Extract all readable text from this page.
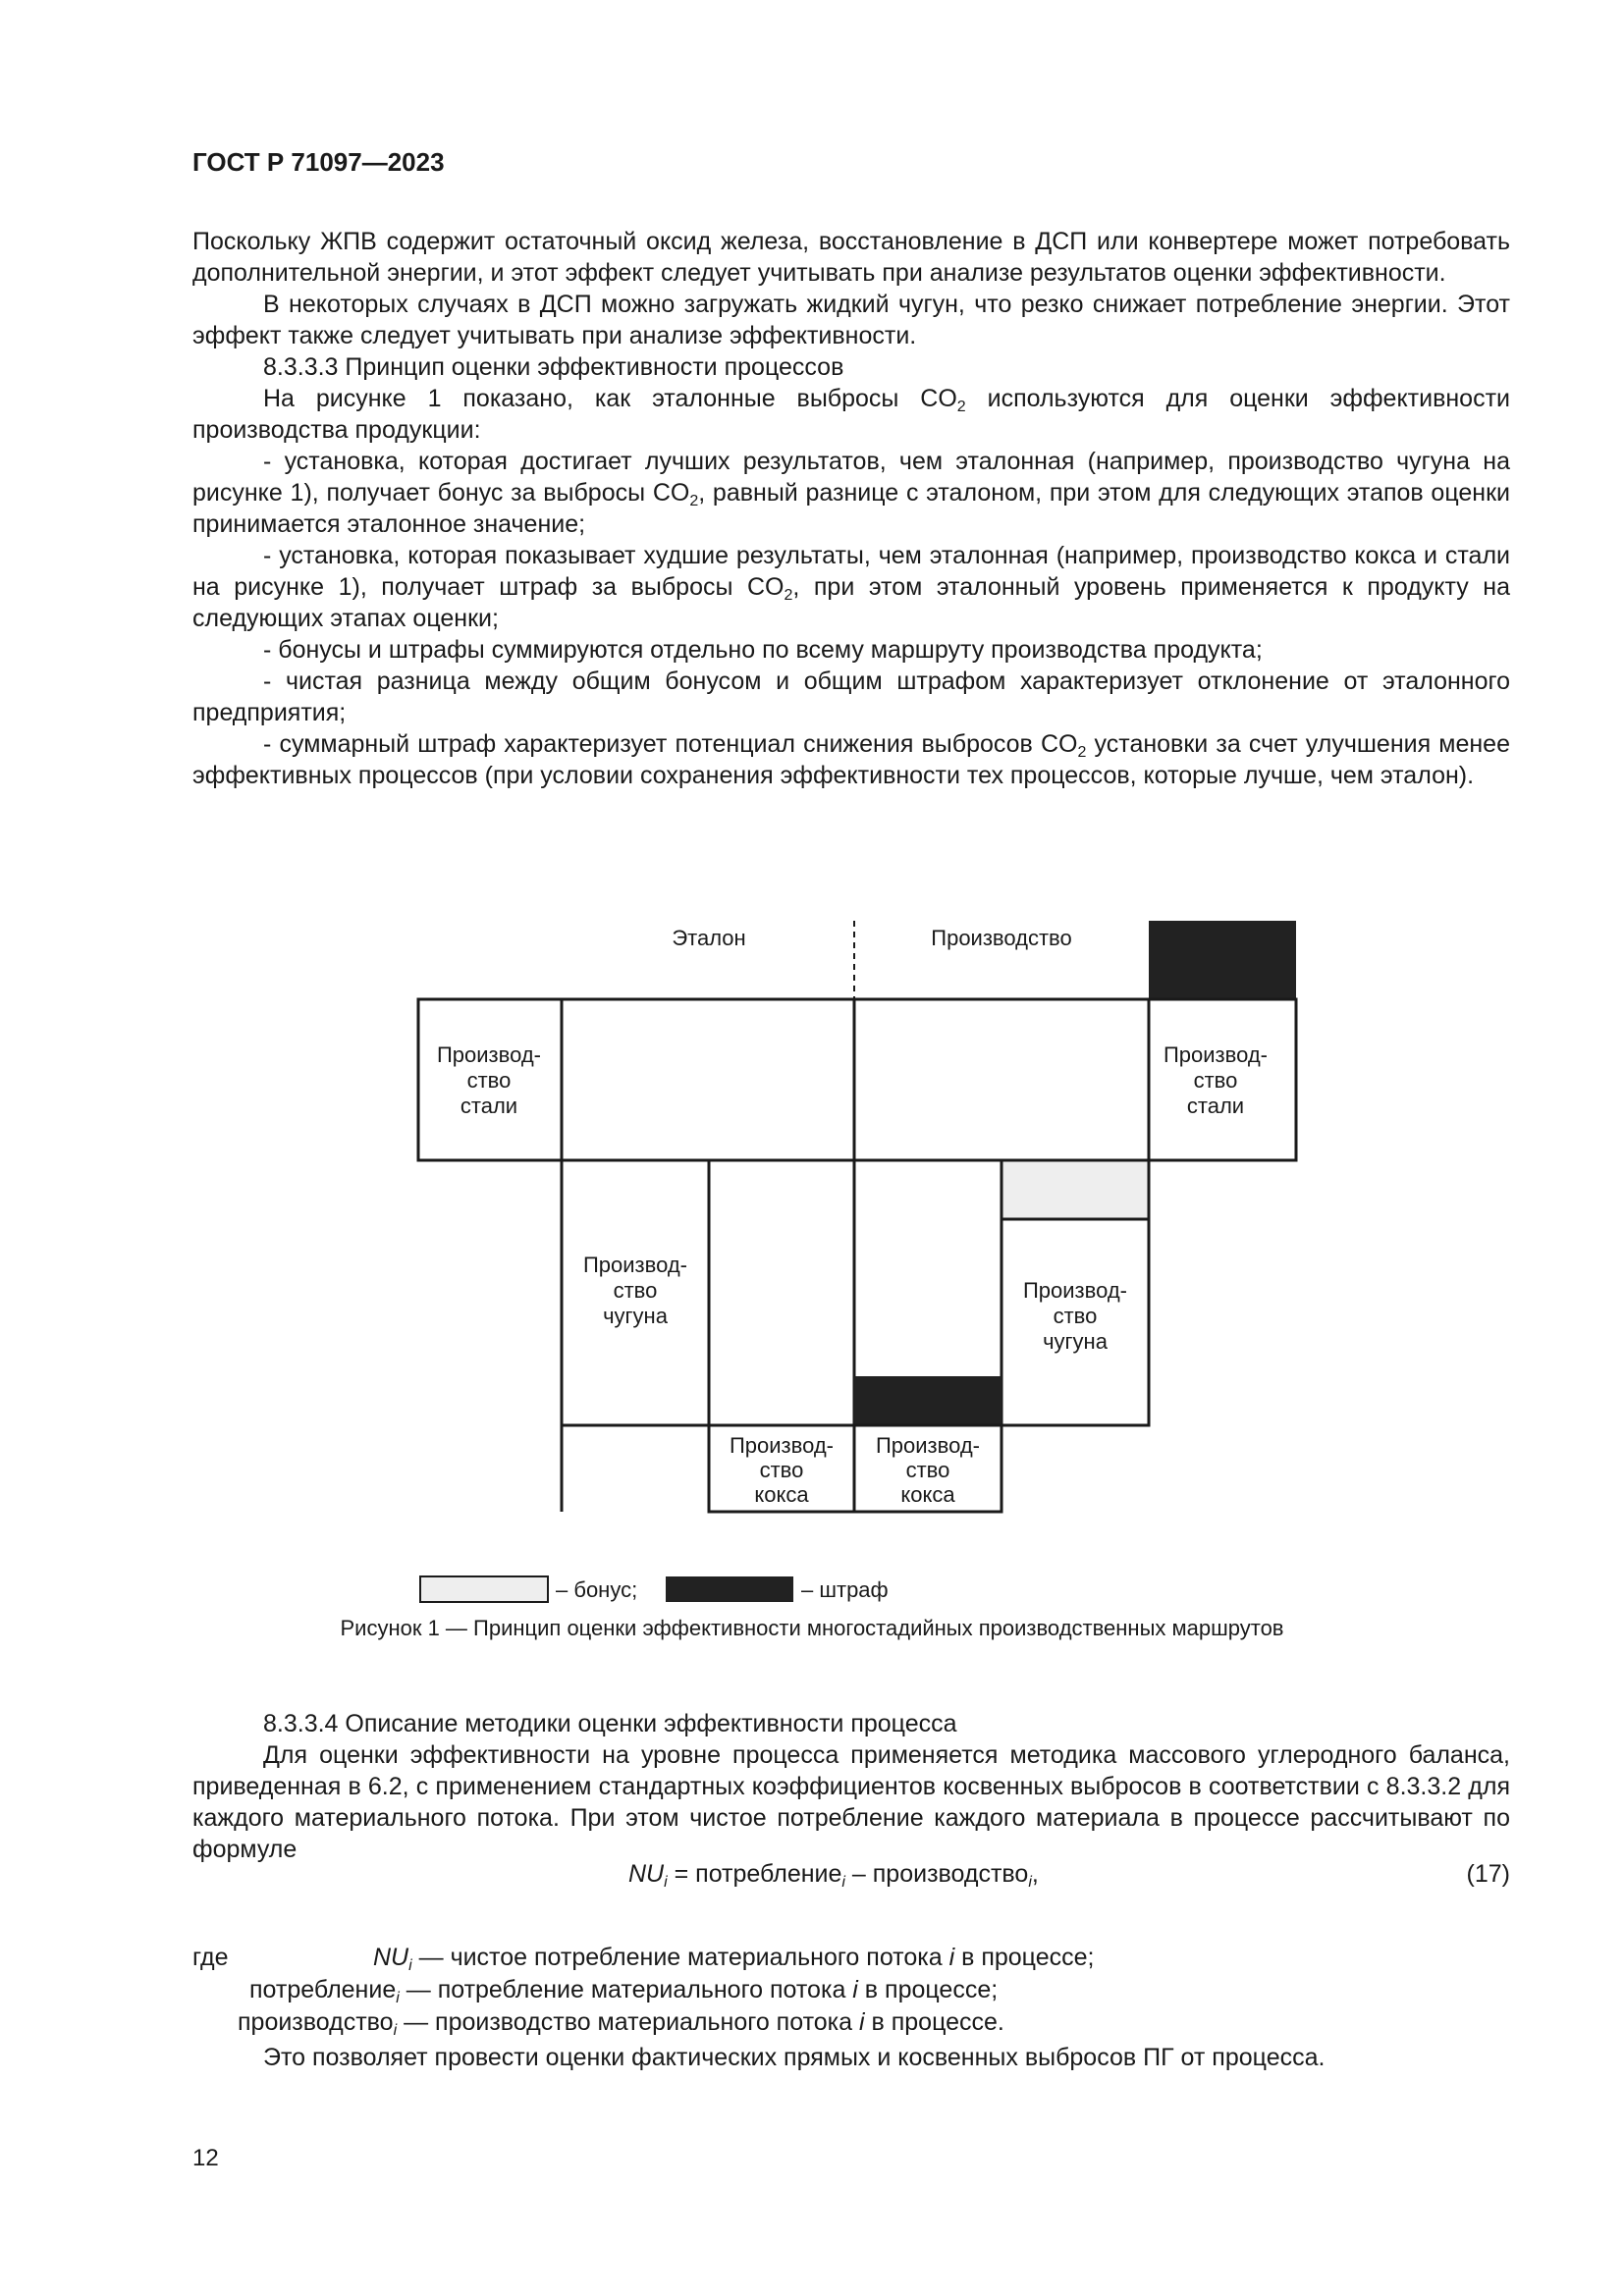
ГОСТ Р 71097—2023

Поскольку ЖПВ содержит остаточный оксид железа, восстановление в ДСП или конвертере может потребовать дополнительной энергии, и этот эффект следует учитывать при анализе результатов оценки эффективности.

В некоторых случаях в ДСП можно загружать жидкий чугун, что резко снижает потребление энергии. Этот эффект также следует учитывать при анализе эффективности.

8.3.3.3 Принцип оценки эффективности процессов

На рисунке 1 показано, как эталонные выбросы $CO_2$ используются для оценки эффективности производства продукции:

- установка, которая достигает лучших результатов, чем эталонная (например, производство чугуна на рисунке 1), получает бонус за выбросы $CO_2$, равный разнице с эталоном, при этом для следующих этапов оценки принимается эталонное значение;

- установка, которая показывает худшие результаты, чем эталонная (например, производство кокса и стали на рисунке 1), получает штраф за выбросы $CO_2$, при этом эталонный уровень применяется к продукту на следующих этапах оценки;

- бонусы и штрафы суммируются отдельно по всему маршруту производства продукта;

- чистая разница между общим бонусом и общим штрафом характеризует отклонение от эталонного предприятия;

- суммарный штраф характеризует потенциал снижения выбросов $CO_2$ установки за счет улучшения менее эффективных процессов (при условии сохранения эффективности тех процессов, которые лучше, чем эталон).

Эталон	Производство
Производ-
ство
стали
Производ-
ство
стали
Производ-
ство
чугуна
Производ-
ство
чугуна
Производ-
ство
кокса
Производ-
ство
кокса
– бонус;	– штраф
Рисунок 1 — Принцип оценки эффективности многостадийных производственных маршрутов

8.3.3.4 Описание методики оценки эффективности процесса

Для оценки эффективности на уровне процесса применяется методика массового углеродного баланса, приведенная в 6.2, с применением стандартных коэффициентов косвенных выбросов в соответствии с 8.3.3.2 для каждого материального потока. При этом чистое потребление каждого материала в процессе рассчитывают по формуле

$NU_i$ = потребление$_i$ – производство$_i$,	(17)
где	$NU_i$ — чистое потребление материального потока i в процессе;
потребление$_i$ — потребление материального потока i в процессе;
производство$_i$ — производство материального потока i в процессе.
Это позволяет провести оценки фактических прямых и косвенных выбросов ПГ от процесса.
12
